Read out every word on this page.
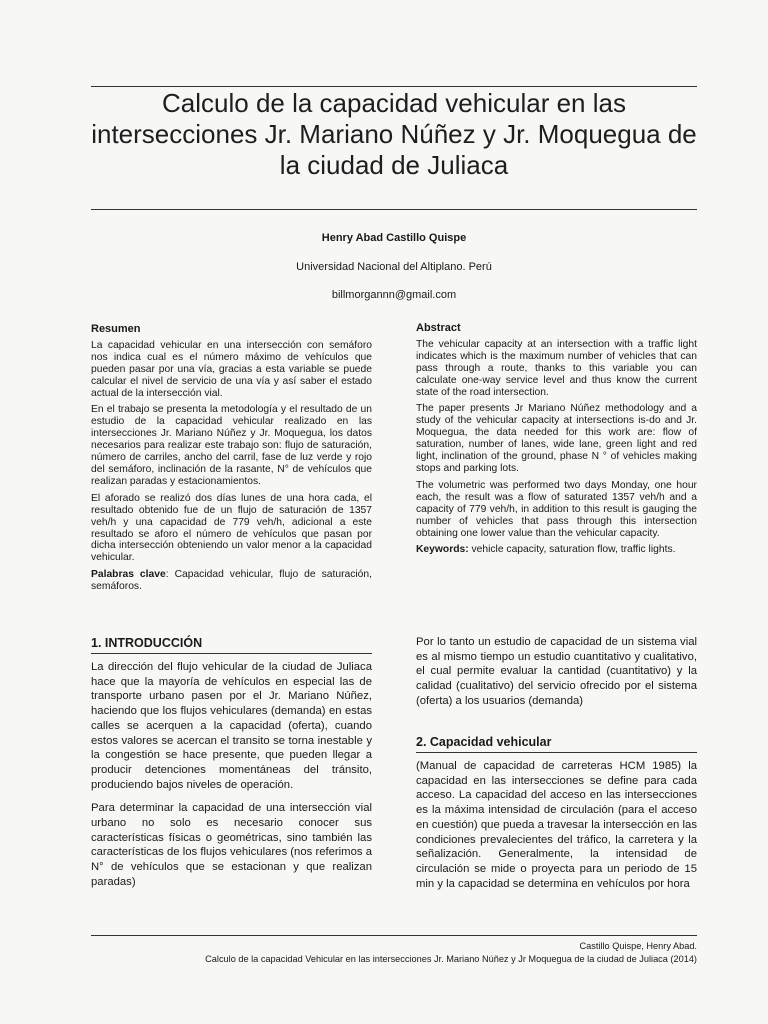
Calculo de la capacidad vehicular en las intersecciones Jr. Mariano Núñez y Jr. Moquegua de la ciudad de Juliaca
Henry Abad Castillo Quispe
Universidad Nacional del Altiplano. Perú
billmorgannn@gmail.com
Resumen

La capacidad vehicular en una intersección con semáforo nos indica cual es el número máximo de vehículos que pueden pasar por una vía, gracias a esta variable se puede calcular el nivel de servicio de una vía y así saber el estado actual de la intersección vial.

En el trabajo se presenta la metodología y el resultado de un estudio de la capacidad vehicular realizado en las intersecciones Jr. Mariano Núñez y Jr. Moquegua, los datos necesarios para realizar este trabajo son: flujo de saturación, número de carriles, ancho del carril, fase de luz verde y rojo del semáforo, inclinación de la rasante, N° de vehículos que realizan paradas y estacionamientos.

El aforado se realizó dos días lunes de una hora cada, el resultado obtenido fue de un flujo de saturación de 1357 veh/h y una capacidad de 779 veh/h, adicional a este resultado se aforo el número de vehículos que pasan por dicha intersección obteniendo un valor menor a la capacidad vehicular.

Palabras clave: Capacidad vehicular, flujo de saturación, semáforos.

Abstract

The vehicular capacity at an intersection with a traffic light indicates which is the maximum number of vehicles that can pass through a route, thanks to this variable you can calculate one-way service level and thus know the current state of the road intersection.

The paper presents Jr Mariano Núñez methodology and a study of the vehicular capacity at intersections is-do and Jr. Moquegua, the data needed for this work are: flow of saturation, number of lanes, wide lane, green light and red light, inclination of the ground, phase N ° of vehicles making stops and parking lots.

The volumetric was performed two days Monday, one hour each, the result was a flow of saturated 1357 veh/h and a capacity of 779 veh/h, in addition to this result is gauging the number of vehicles that pass through this intersection obtaining one lower value than the vehicular capacity.

Keywords: vehicle capacity, saturation flow, traffic lights.

1. INTRODUCCIÓN

La dirección del flujo vehicular de la ciudad de Juliaca hace que la mayoría de vehículos en especial las de transporte urbano pasen por el Jr. Mariano Núñez, haciendo que los flujos vehiculares (demanda) en estas calles se acerquen a la capacidad (oferta), cuando estos valores se acercan el transito se torna inestable y la congestión se hace presente, que pueden llegar a producir detenciones momentáneas del tránsito, produciendo bajos niveles de operación.

Para determinar la capacidad de una intersección vial urbano no solo es necesario conocer sus características físicas o geométricas, sino también las características de los flujos vehiculares (nos referimos a N° de vehículos que se estacionan y que realizan paradas)

Por lo tanto un estudio de capacidad de un sistema vial es al mismo tiempo un estudio cuantitativo y cualitativo, el cual permite evaluar la cantidad (cuantitativo) y la calidad (cualitativo) del servicio ofrecido por el sistema (oferta) a los usuarios (demanda)

2. Capacidad vehicular

(Manual de capacidad de carreteras HCM 1985) la capacidad en las intersecciones se define para cada acceso. La capacidad del acceso en las intersecciones es la máxima intensidad de circulación (para el acceso en cuestión) que pueda a travesar la intersección en las condiciones prevalecientes del tráfico, la carretera y la señalización. Generalmente, la intensidad de circulación se mide o proyecta para un periodo de 15 min y la capacidad se determina en vehículos por hora

Castillo Quispe, Henry Abad.
Calculo de la capacidad Vehicular en las intersecciones Jr. Mariano Núñez y Jr Moquegua de la ciudad de Juliaca (2014)
